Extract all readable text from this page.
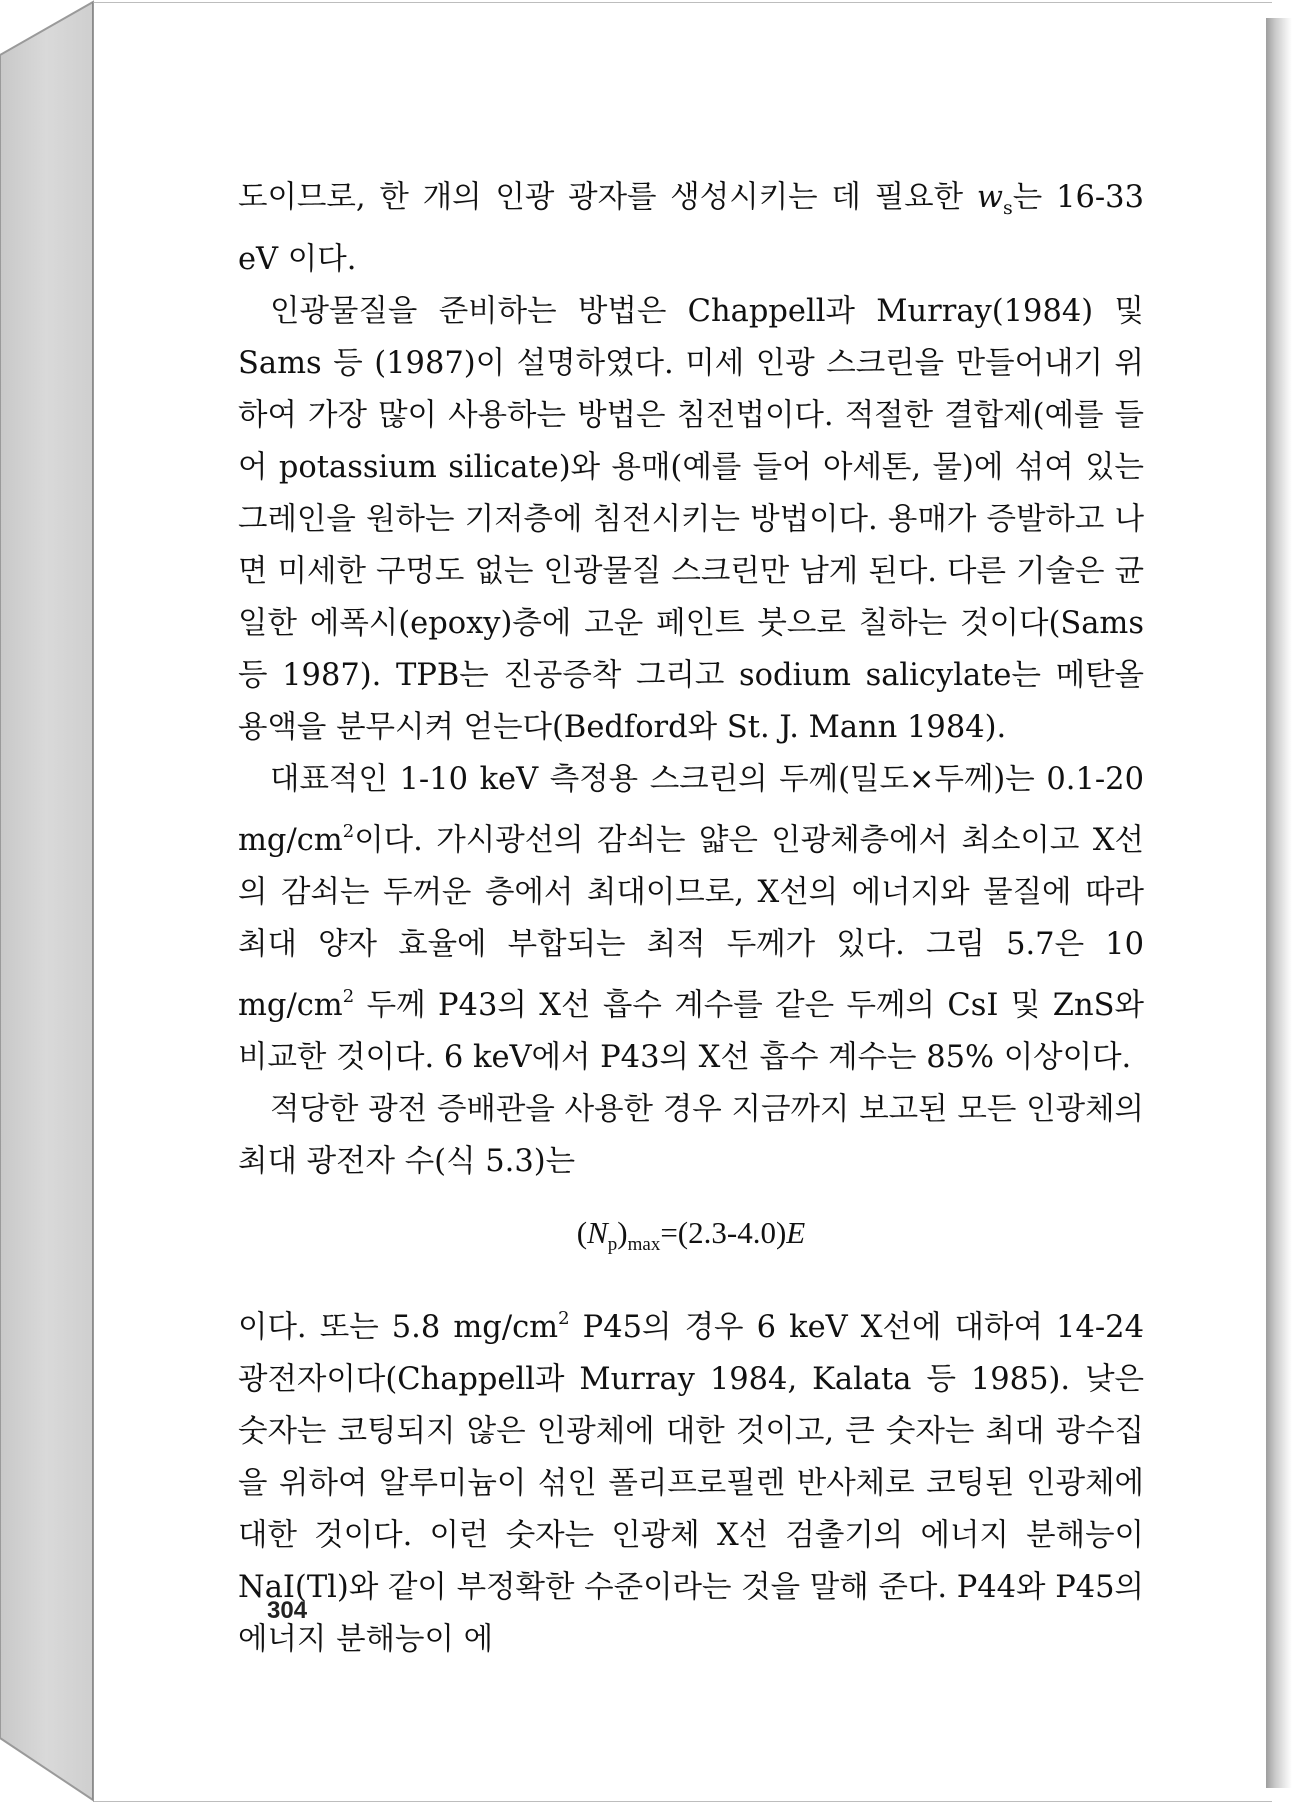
도이므로, 한 개의 인광 광자를 생성시키는 데 필요한 $w_s$는 16-33 eV 이다.

인광물질을 준비하는 방법은 Chappell과 Murray(1984) 및 Sams 등 (1987)이 설명하였다. 미세 인광 스크린을 만들어내기 위하여 가장 많이 사용하는 방법은 침전법이다. 적절한 결합제(예를 들어 potassium silicate)와 용매(예를 들어 아세톤, 물)에 섞여 있는 그레인을 원하는 기저층에 침전시키는 방법이다. 용매가 증발하고 나면 미세한 구멍도 없는 인광물질 스크린만 남게 된다. 다른 기술은 균일한 에폭시(epoxy)층에 고운 페인트 붓으로 칠하는 것이다(Sams 등 1987). TPB는 진공증착 그리고 sodium salicylate는 메탄올 용액을 분무시켜 얻는다(Bedford와 St. J. Mann 1984).

대표적인 1-10 keV 측정용 스크린의 두께(밀도×두께)는 0.1-20 $mg/cm^2$이다. 가시광선의 감쇠는 얇은 인광체층에서 최소이고 X선의 감쇠는 두꺼운 층에서 최대이므로, X선의 에너지와 물질에 따라 최대 양자 효율에 부합되는 최적 두께가 있다. 그림 5.7은 10 $mg/cm^2$ 두께 P43의 X선 흡수 계수를 같은 두께의 CsI 및 ZnS와 비교한 것이다. 6 keV에서 P43의 X선 흡수 계수는 85% 이상이다.

적당한 광전 증배관을 사용한 경우 지금까지 보고된 모든 인광체의 최대 광전자 수(식 5.3)는

$(N_p)_{max}=(2.3-4.0)E$

이다. 또는 5.8 $mg/cm^2$ P45의 경우 6 keV X선에 대하여 14-24 광전자이다(Chappell과 Murray 1984, Kalata 등 1985). 낮은 숫자는 코팅되지 않은 인광체에 대한 것이고, 큰 숫자는 최대 광수집을 위하여 알루미늄이 섞인 폴리프로필렌 반사체로 코팅된 인광체에 대한 것이다. 이런 숫자는 인광체 X선 검출기의 에너지 분해능이 NaI(Tl)와 같이 부정확한 수준이라는 것을 말해 준다. P44와 P45의 에너지 분해능이 에

304
